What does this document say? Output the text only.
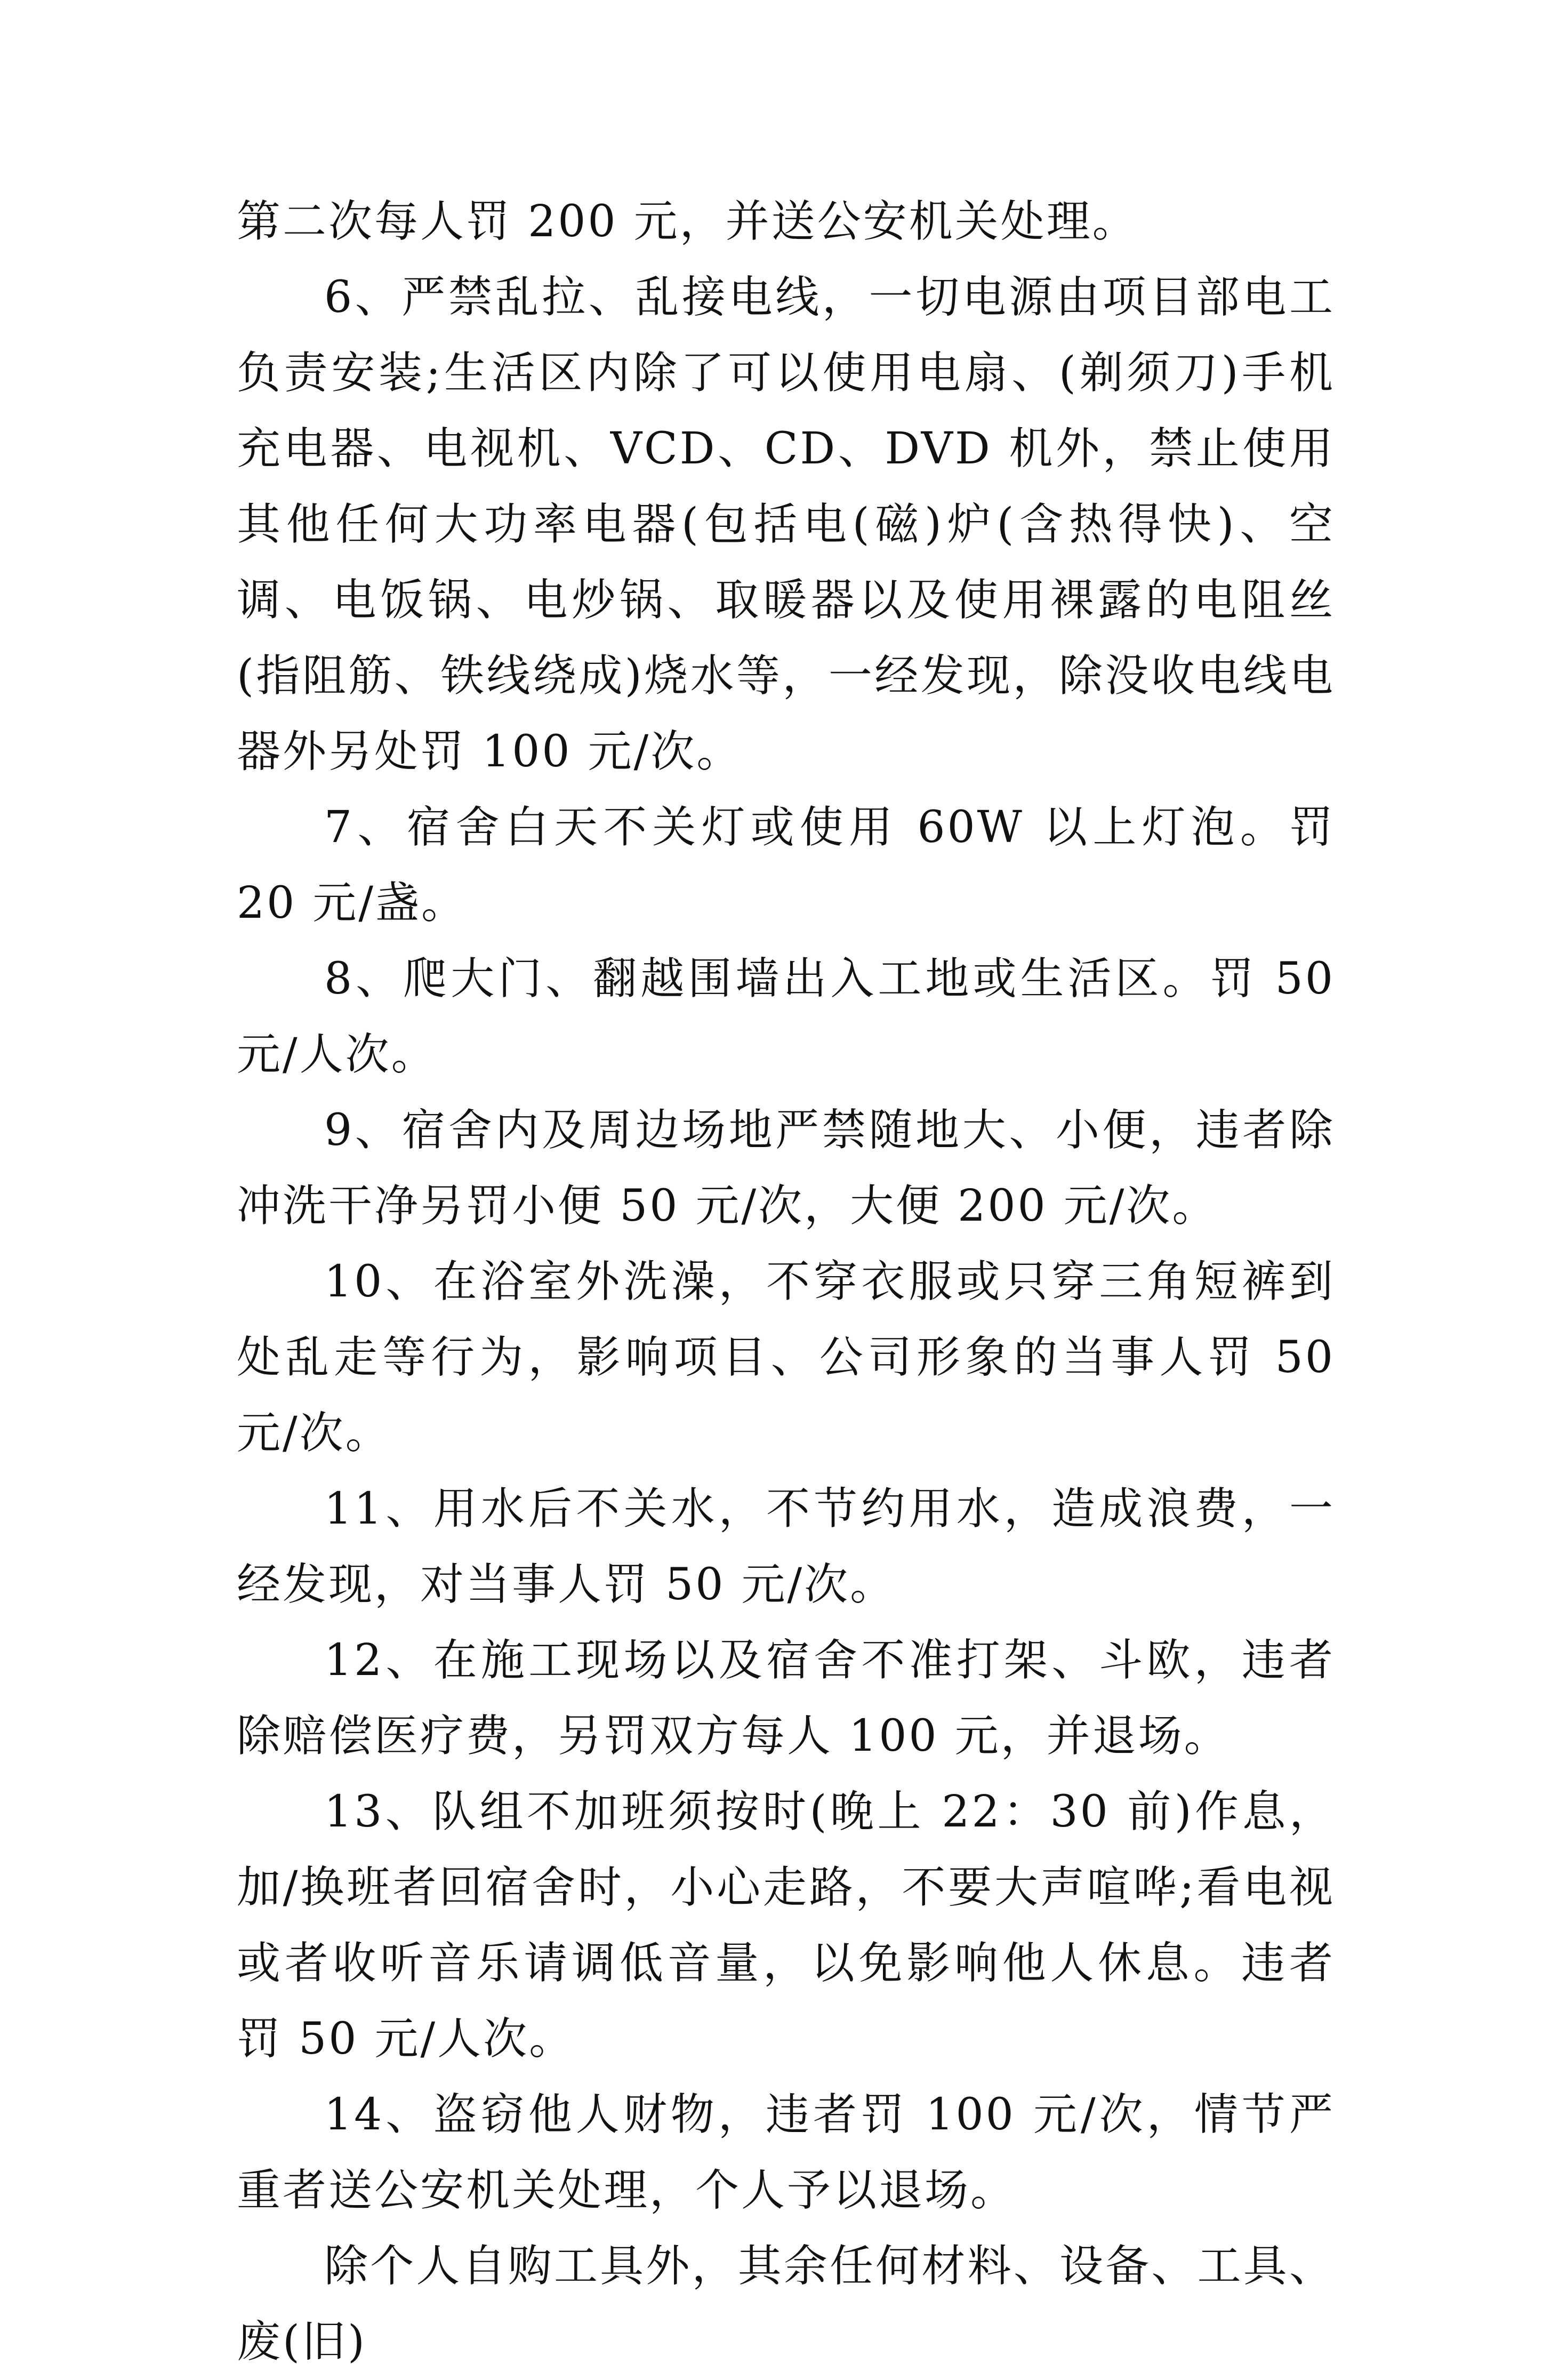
第二次每人罚 200 元，并送公安机关处理。

6、严禁乱拉、乱接电线，一切电源由项目部电工负责安装;生活区内除了可以使用电扇、(剃须刀)手机充电器、电视机、VCD、CD、DVD 机外，禁止使用其他任何大功率电器(包括电(磁)炉(含热得快)、空调、电饭锅、电炒锅、取暖器以及使用裸露的电阻丝(指阻筋、铁线绕成)烧水等，一经发现，除没收电线电器外另处罚 100 元/次。

7、宿舍白天不关灯或使用 60W 以上灯泡。罚 20 元/盏。

8、爬大门、翻越围墙出入工地或生活区。罚 50 元/人次。

9、宿舍内及周边场地严禁随地大、小便，违者除冲洗干净另罚小便 50 元/次，大便 200 元/次。

10、在浴室外洗澡，不穿衣服或只穿三角短裤到处乱走等行为，影响项目、公司形象的当事人罚 50 元/次。

11、用水后不关水，不节约用水，造成浪费，一经发现，对当事人罚 50 元/次。

12、在施工现场以及宿舍不准打架、斗欧，违者除赔偿医疗费，另罚双方每人 100 元，并退场。

13、队组不加班须按时(晚上 22：30 前)作息，加/换班者回宿舍时，小心走路，不要大声喧哗;看电视或者收听音乐请调低音量，以免影响他人休息。违者罚 50 元/人次。

14、盗窃他人财物，违者罚 100 元/次，情节严重者送公安机关处理，个人予以退场。

除个人自购工具外，其余任何材料、设备、工具、废(旧)
